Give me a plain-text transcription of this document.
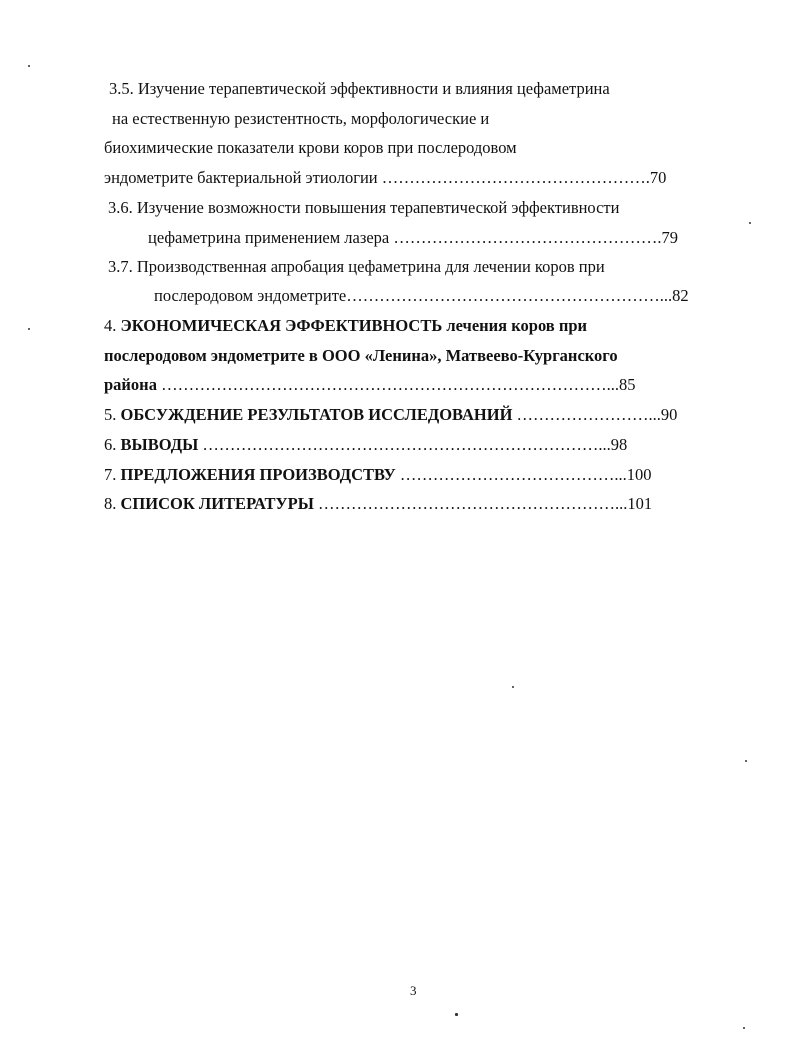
3.5. Изучение терапевтической эффективности и влияния цефаметрина
на естественную резистентность, морфологические и
биохимические показатели крови коров при послеродовом
эндометрите бактериальной этиологии ………………………………………….70
3.6. Изучение возможности повышения терапевтической эффективности
цефаметрина применением лазера ………………………………………….79
3.7. Производственная апробация цефаметрина для лечении коров при
послеродовом эндометрите…………………………………………………...82
4. ЭКОНОМИЧЕСКАЯ ЭФФЕКТИВНОСТЬ лечения коров при
послеродовом эндометрите в ООО «Ленина», Матвеево-Курганского
района ………………………………………………………………………...85
5. ОБСУЖДЕНИЕ РЕЗУЛЬТАТОВ ИССЛЕДОВАНИЙ ……………………...90
6. ВЫВОДЫ ………………………………………………………………...98
7. ПРЕДЛОЖЕНИЯ ПРОИЗВОДСТВУ …………………………………...100
8. СПИСОК ЛИТЕРАТУРЫ ………………………………………………...101
3
